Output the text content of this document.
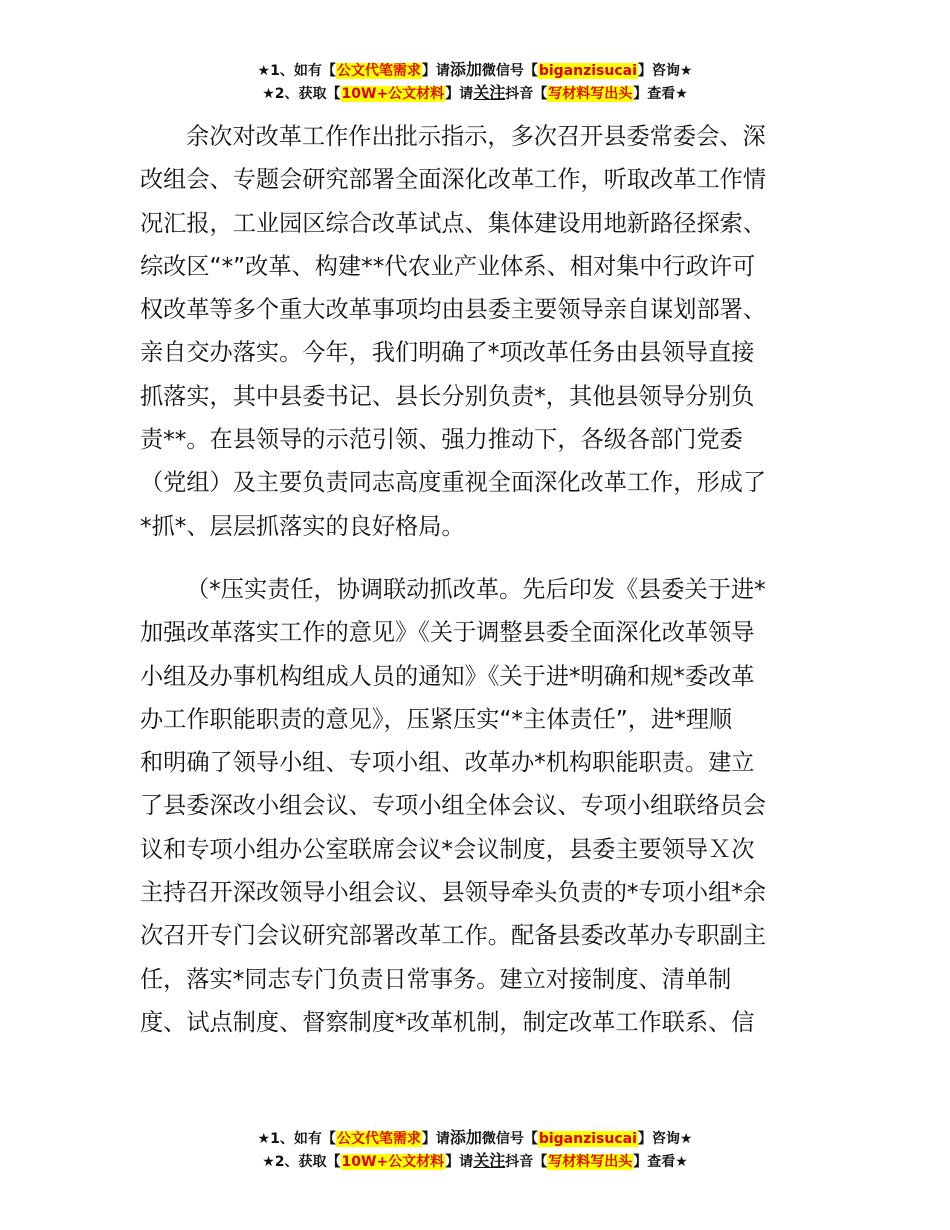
★1、如有【公文代笔需求】请添加微信号【biganzisucai】咨询★
★2、获取【10W+公文材料】请关注抖音【写材料写出头】查看★
余次对改革工作作出批示指示，多次召开县委常委会、深
改组会、专题会研究部署全面深化改革工作，听取改革工作情
况汇报，工业园区综合改革试点、集体建设用地新路径探索、
综改区“*”改革、构建**代农业产业体系、相对集中行政许可
权改革等多个重大改革事项均由县委主要领导亲自谋划部署、
亲自交办落实。今年，我们明确了*项改革任务由县领导直接
抓落实，其中县委书记、县长分别负责*，其他县领导分别负
责**。在县领导的示范引领、强力推动下，各级各部门党委
（党组）及主要负责同志高度重视全面深化改革工作，形成了
*抓*、层层抓落实的良好格局。
（*压实责任，协调联动抓改革。先后印发《县委关于进*
加强改革落实工作的意见》《关于调整县委全面深化改革领导
小组及办事机构组成人员的通知》《关于进*明确和规*委改革
办工作职能职责的意见》，压紧压实“*主体责任”，进*理顺
和明确了领导小组、专项小组、改革办*机构职能职责。建立
了县委深改小组会议、专项小组全体会议、专项小组联络员会
议和专项小组办公室联席会议*会议制度，县委主要领导Ｘ次
主持召开深改领导小组会议、县领导牵头负责的*专项小组*余
次召开专门会议研究部署改革工作。配备县委改革办专职副主
任，落实*同志专门负责日常事务。建立对接制度、清单制
度、试点制度、督察制度*改革机制，制定改革工作联系、信
★1、如有【公文代笔需求】请添加微信号【biganzisucai】咨询★
★2、获取【10W+公文材料】请关注抖音【写材料写出头】查看★
